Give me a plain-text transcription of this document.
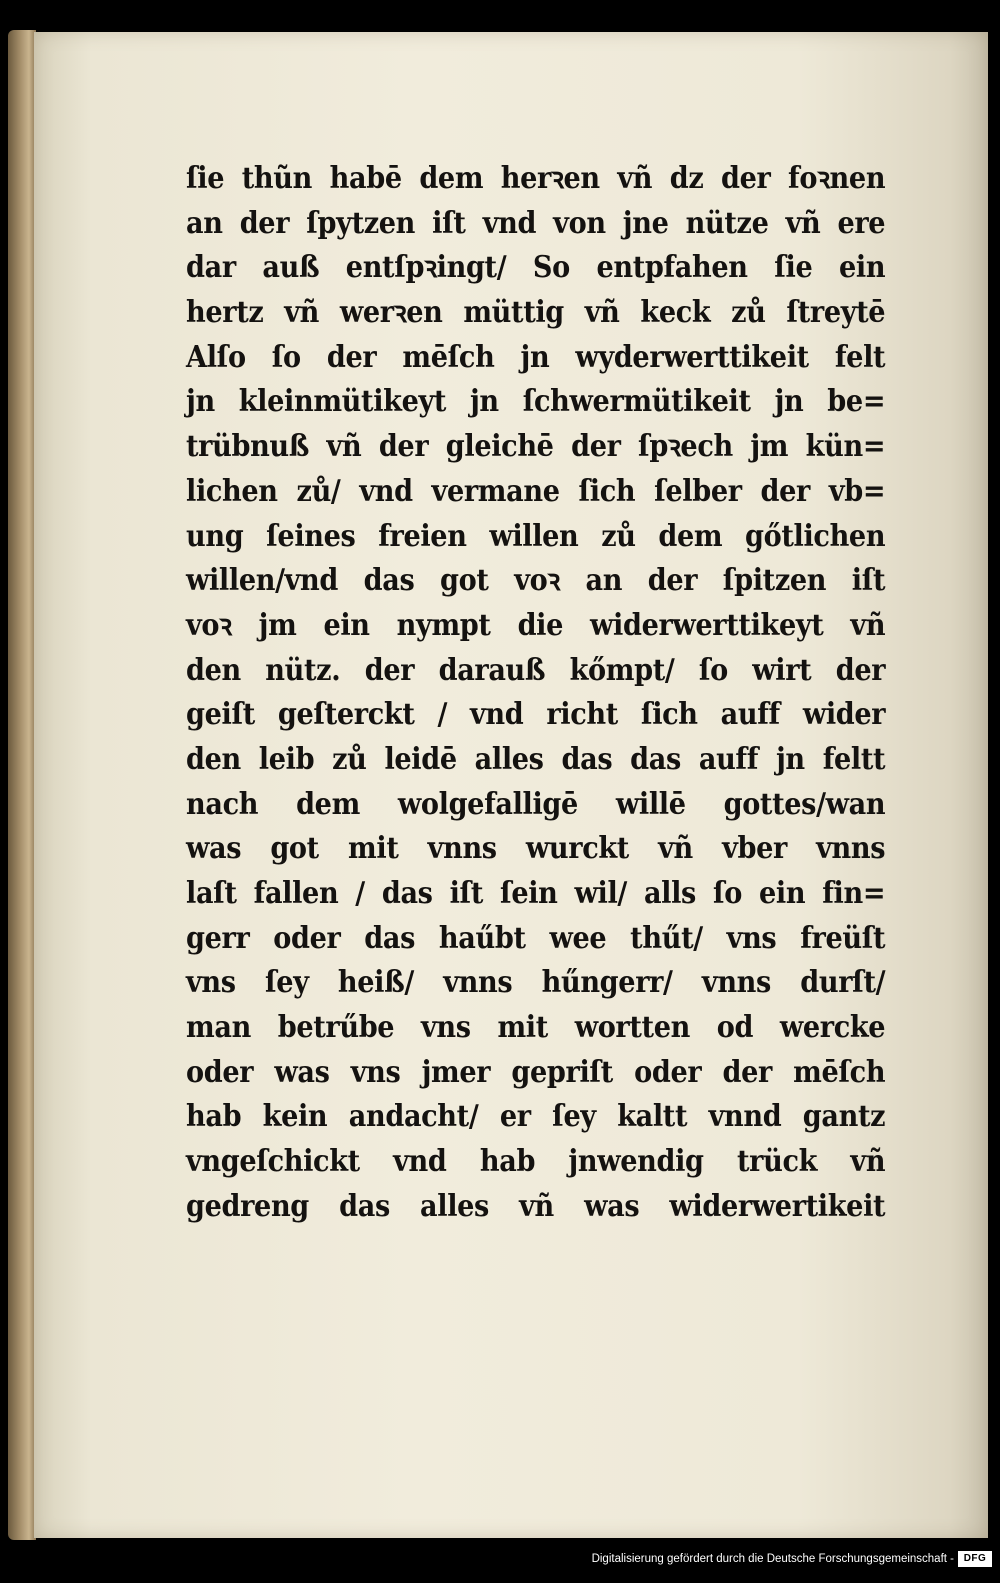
ſie thũn habē dem herꝛen vñ dz der foꝛnen
an der ſpytzen iſt vnd von jne nütze vñ ere
dar auß entſpꝛingt/ So entpfahen ſie ein
hertz vñ werꝛen müttig vñ keck zů ſtreytē
Alſo ſo der mēſch jn wyderwerttikeit felt
jn kleinmütikeyt jn ſchwermütikeit jn be=
trübnuß vñ der gleichē der ſpꝛech jm kün=
lichen zů/ vnd vermane ſich ſelber der vb=
ung ſeines freien willen zů dem gőtlichen
willen/vnd das got voꝛ an der ſpitzen iſt
voꝛ jm ein nympt die widerwerttikeyt vñ
den nütz. der darauß kőmpt/ ſo wirt der
geiſt geſterckt / vnd richt ſich auff wider
den leib zů leidē alles das das auff jn feltt
nach dem wolgefalligē willē gottes/wan
was got mit vnns wurckt vñ vber vnns
laſt fallen / das iſt ſein wil/ alls ſo ein fin=
gerr oder das haűbt wee thűt/ vns freüſt
vns ſey heiß/ vnns hűngerr/ vnns durſt/
man betrűbe vns mit wortten od wercke
oder was vns jmer gepriſt oder der mēſch
hab kein andacht/ er ſey kaltt vnnd gantz
vngeſchickt vnd hab jnwendig trück vñ
gedreng das alles vñ was widerwertikeit
Digitalisierung gefördert durch die Deutsche Forschungsgemeinschaft - DFG
